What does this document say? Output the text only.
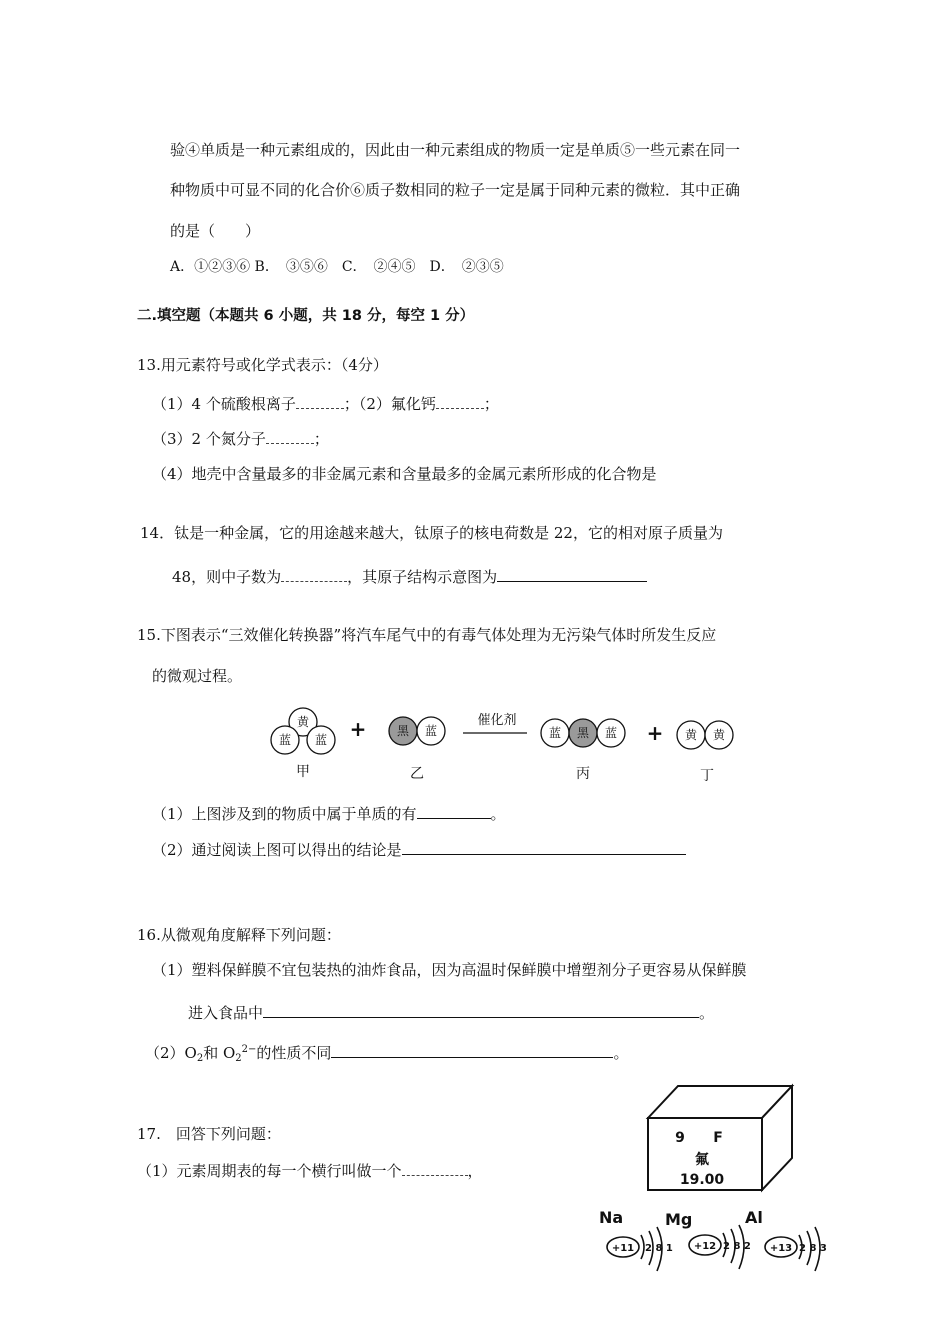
验④单质是一种元素组成的，因此由一种元素组成的物质一定是单质⑤一些元素在同一
种物质中可显不同的化合价⑥质子数相同的粒子一定是属于同种元素的微粒．其中正确
的是（　　）
A．①②③⑥ B．　③⑤⑥　C．　②④⑤　D．　②③⑤
二.填空题（本题共 6 小题，共 18 分，每空 1 分）
13.用元素符号或化学式表示：（4分）
（1）4 个硫酸根离子	；（2）氟化钙	；
（3）2 个氮分子	；
（4）地壳中含量最多的非金属元素和含量最多的金属元素所形成的化合物是
14．钛是一种金属，它的用途越来越大，钛原子的核电荷数是 22，它的相对原子质量为
48，则中子数为	，其原子结构示意图为
15.下图表示“三效催化转换器”将汽车尾气中的有毒气体处理为无污染气体时所发生反应
的微观过程。
黄
蓝 蓝 +	黑 蓝
催化剂
蓝 黑 蓝 + 黄 黄
甲	乙	丙	丁
（1）上图涉及到的物质中属于单质的有	。
（2）通过阅读上图可以得出的结论是
16.从微观角度解释下列问题：
（1）塑料保鲜膜不宜包装热的油炸食品，因为高温时保鲜膜中增塑剂分子更容易从保鲜膜
进入食品中	。
$(2)O_2$和 $O_2^{2-}$的性质不同	。
17.　回答下列问题：
（1）元素周期表的每一个横行叫做一个	，
9 F
氟
19.00
Na
+11 2 8 1
Mg
+12 2 8 2
Al
+13 2 8 3
